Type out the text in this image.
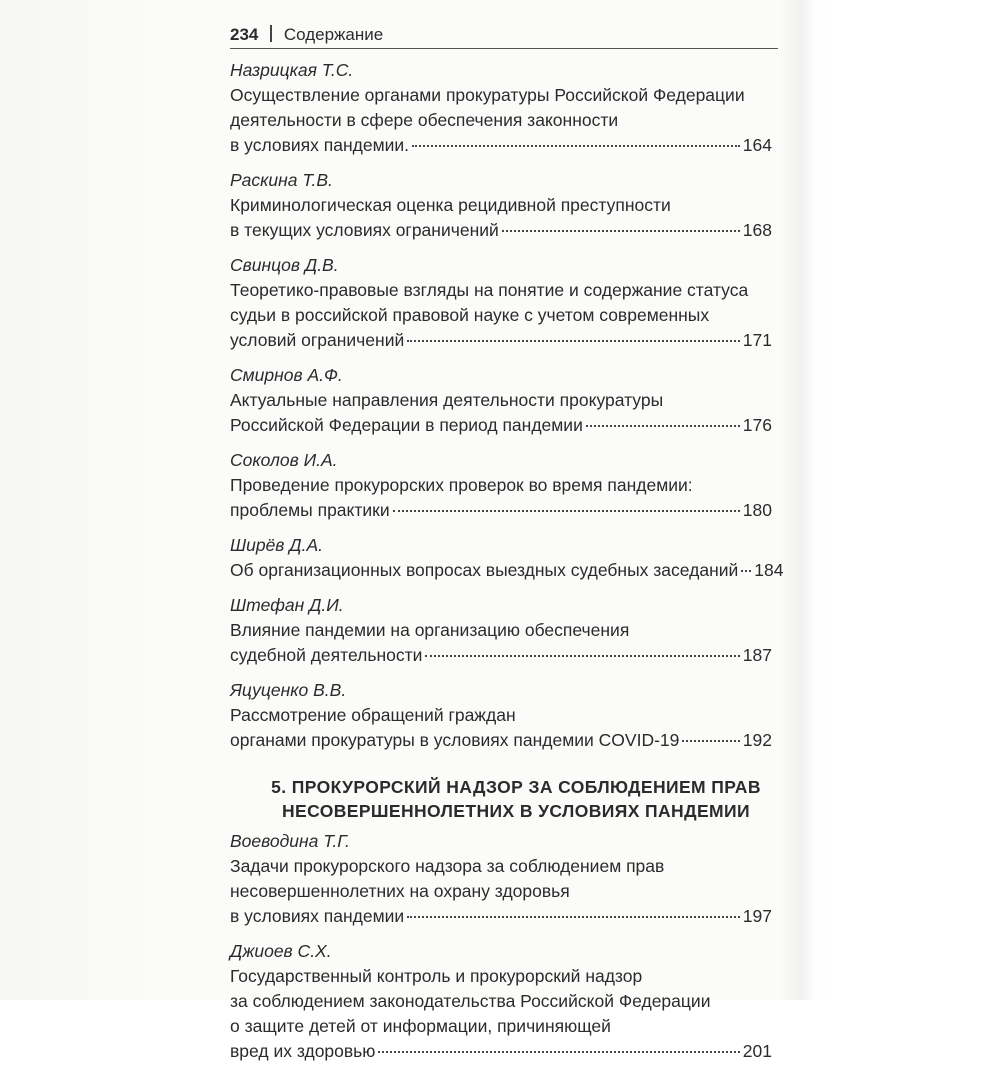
234 Содержание
Назрицкая Т.С.
Осуществление органами прокуратуры Российской Федерации
деятельности в сфере обеспечения законности
в условиях пандемии.	164
Раскина Т.В.
Криминологическая оценка рецидивной преступности
в текущих условиях ограничений	168
Свинцов Д.В.
Теоретико-правовые взгляды на понятие и содержание статуса
судьи в российской правовой науке с учетом современных
условий ограничений	171
Смирнов А.Ф.
Актуальные направления деятельности прокуратуры
Российской Федерации в период пандемии	176
Соколов И.А.
Проведение прокурорских проверок во время пандемии:
проблемы практики	180
Ширёв Д.А.
Об организационных вопросах выездных судебных заседаний 184
Штефан Д.И.
Влияние пандемии на организацию обеспечения
судебной деятельности	187
Яцуценко В.В.
Рассмотрение обращений граждан
органами прокуратуры в условиях пандемии COVID-19	192
5. ПРОКУРОРСКИЙ НАДЗОР ЗА СОБЛЮДЕНИЕМ ПРАВ
НЕСОВЕРШЕННОЛЕТНИХ В УСЛОВИЯХ ПАНДЕМИИ
Воеводина Т.Г.
Задачи прокурорского надзора за соблюдением прав
несовершеннолетних на охрану здоровья
в условиях пандемии	197
Джиоев С.Х.
Государственный контроль и прокурорский надзор
за соблюдением законодательства Российской Федерации
о защите детей от информации, причиняющей
вред их здоровью	201
